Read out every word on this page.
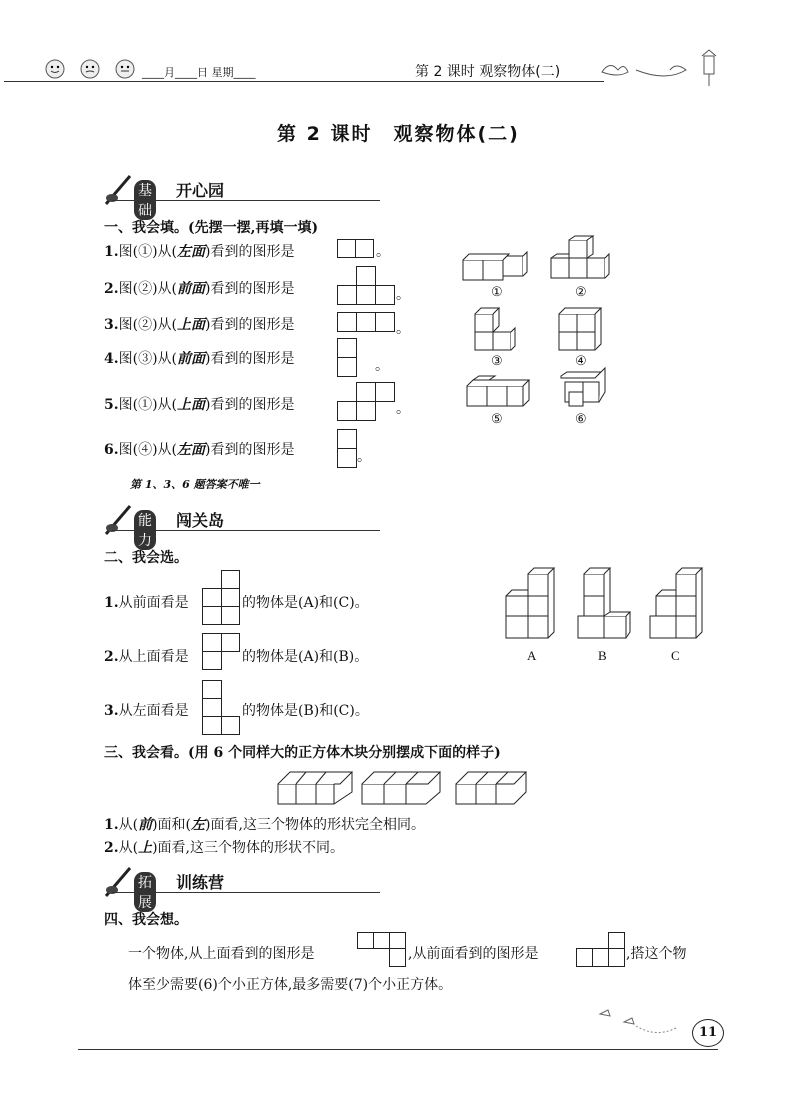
____月____日 星期____	第 2 课时 观察物体(二)
第 2 课时　观察物体(二)
基础
开心园
一、我会填。(先摆一摆,再填一填)
1.图(①)从(左面)看到的图形是	。
2.图(②)从(前面)看到的图形是	。
3.图(②)从(上面)看到的图形是	。
4.图(③)从(前面)看到的图形是	。
5.图(①)从(上面)看到的图形是	。
6.图(④)从(左面)看到的图形是	。
第 1、3、6 题答案不唯一
①	②
③	④
⑤	⑥
能力
闯关岛
二、我会选。
1.从前面看是	的物体是(A)和(C)。
2.从上面看是	的物体是(A)和(B)。
3.从左面看是	的物体是(B)和(C)。
A	B	C
三、我会看。(用 6 个同样大的正方体木块分别摆成下面的样子)
1.从(前)面和(左)面看,这三个物体的形状完全相同。
2.从(上)面看,这三个物体的形状不同。
拓展
训练营
四、我会想。
一个物体,从上面看到的图形是	,从前面看到的图形是	,搭这个物
体至少需要(6)个小正方体,最多需要(7)个小正方体。
11
